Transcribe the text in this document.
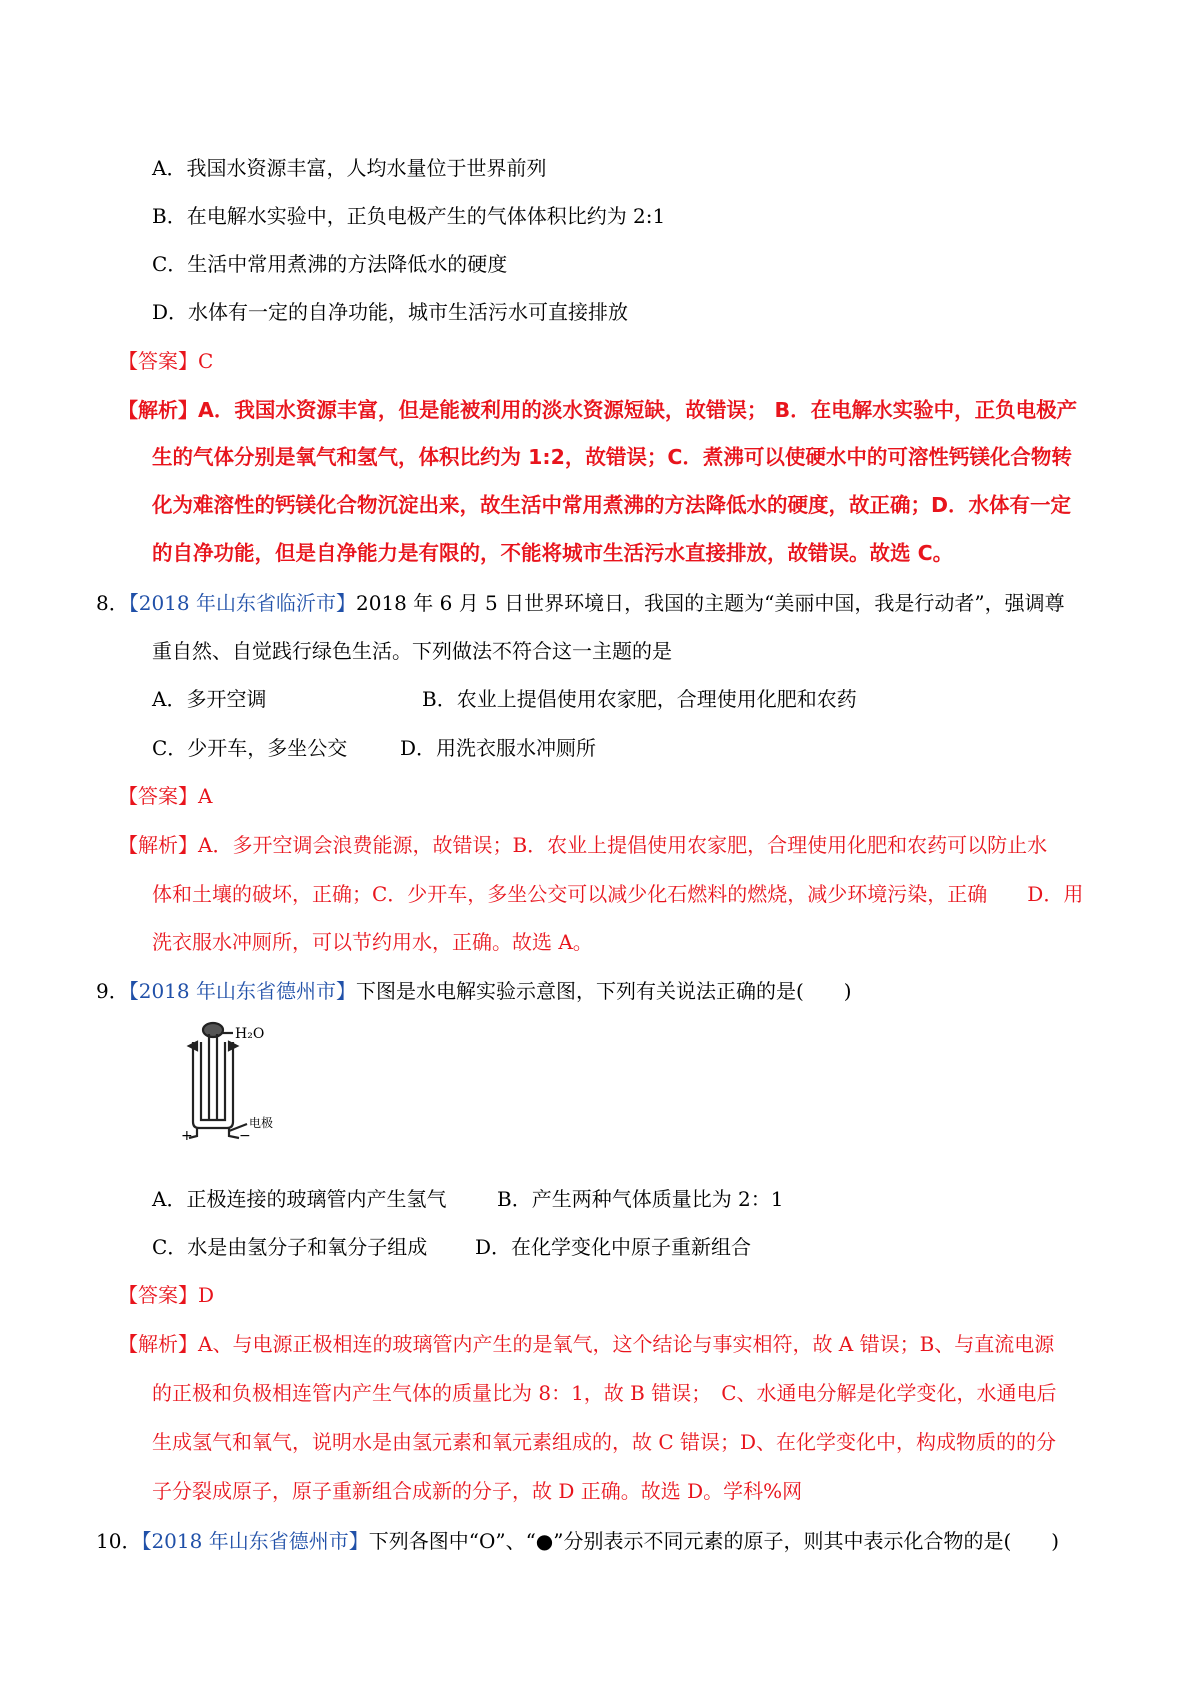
A．我国水资源丰富，人均水量位于世界前列
B．在电解水实验中，正负电极产生的气体体积比约为 2:1
C．生活中常用煮沸的方法降低水的硬度
D．水体有一定的自净功能，城市生活污水可直接排放
【答案】C
【解析】A．我国水资源丰富，但是能被利用的淡水资源短缺，故错误； B．在电解水实验中，正负电极产
生的气体分别是氧气和氢气，体积比约为 1:2，故错误；C．煮沸可以使硬水中的可溶性钙镁化合物转
化为难溶性的钙镁化合物沉淀出来，故生活中常用煮沸的方法降低水的硬度，故正确；D．水体有一定
的自净功能，但是自净能力是有限的，不能将城市生活污水直接排放，故错误。故选 C。
8．【2018 年山东省临沂市】2018 年 6 月 5 日世界环境日，我国的主题为“美丽中国，我是行动者”，强调尊
重自然、自觉践行绿色生活。下列做法不符合这一主题的是
A．多开空调	B．农业上提倡使用农家肥，合理使用化肥和农药
C．少开车，多坐公交	D．用洗衣服水冲厕所
【答案】A
【解析】A．多开空调会浪费能源，故错误；B．农业上提倡使用农家肥，合理使用化肥和农药可以防止水
体和土壤的破坏，正确；C．少开车，多坐公交可以减少化石燃料的燃烧，减少环境污染，正确　　D．用
洗衣服水冲厕所，可以节约用水，正确。故选 A。
9．【2018 年山东省德州市】下图是水电解实验示意图，下列有关说法正确的是(　　)
H₂O
电极
+	−
A．正极连接的玻璃管内产生氢气	B．产生两种气体质量比为 2：1
C．水是由氢分子和氧分子组成 D．在化学变化中原子重新组合
【答案】D
【解析】A、与电源正极相连的玻璃管内产生的是氧气，这个结论与事实相符，故 A 错误；B、与直流电源
的正极和负极相连管内产生气体的质量比为 8：1，故 B 错误；　C、水通电分解是化学变化，水通电后
生成氢气和氧气，说明水是由氢元素和氧元素组成的，故 C 错误；D、在化学变化中，构成物质的的分
子分裂成原子，原子重新组合成新的分子，故 D 正确。故选 D。学科%网
10．【2018 年山东省德州市】下列各图中“O”、“●”分别表示不同元素的原子，则其中表示化合物的是(　　)
